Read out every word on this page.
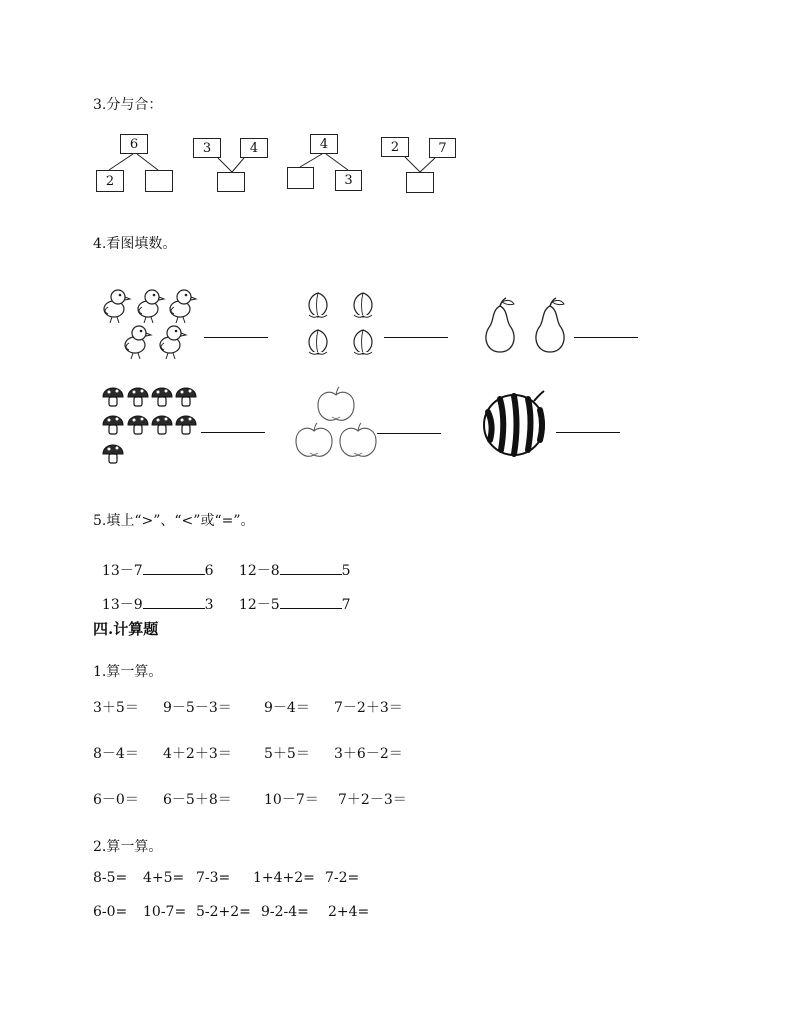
3.分与合：
6
2
3	4	4
3
2	7
4.看图填数。
5.填上“>”、“<”或“=”。

13－7	6	12－8	5

13－9	3	12－5	7

四.计算题
1.算一算。
3＋5＝ 9－5－3＝ 9－4＝ 7－2＋3＝
8－4＝ 4＋2＋3＝ 5＋5＝ 3＋6－2＝
6－0＝ 6－5＋8＝ 10－7＝ 7＋2－3＝
2.算一算。
8-5= 4+5= 7-3= 1+4+2= 7-2=
6-0= 10-7= 5-2+2= 9-2-4= 2+4=
